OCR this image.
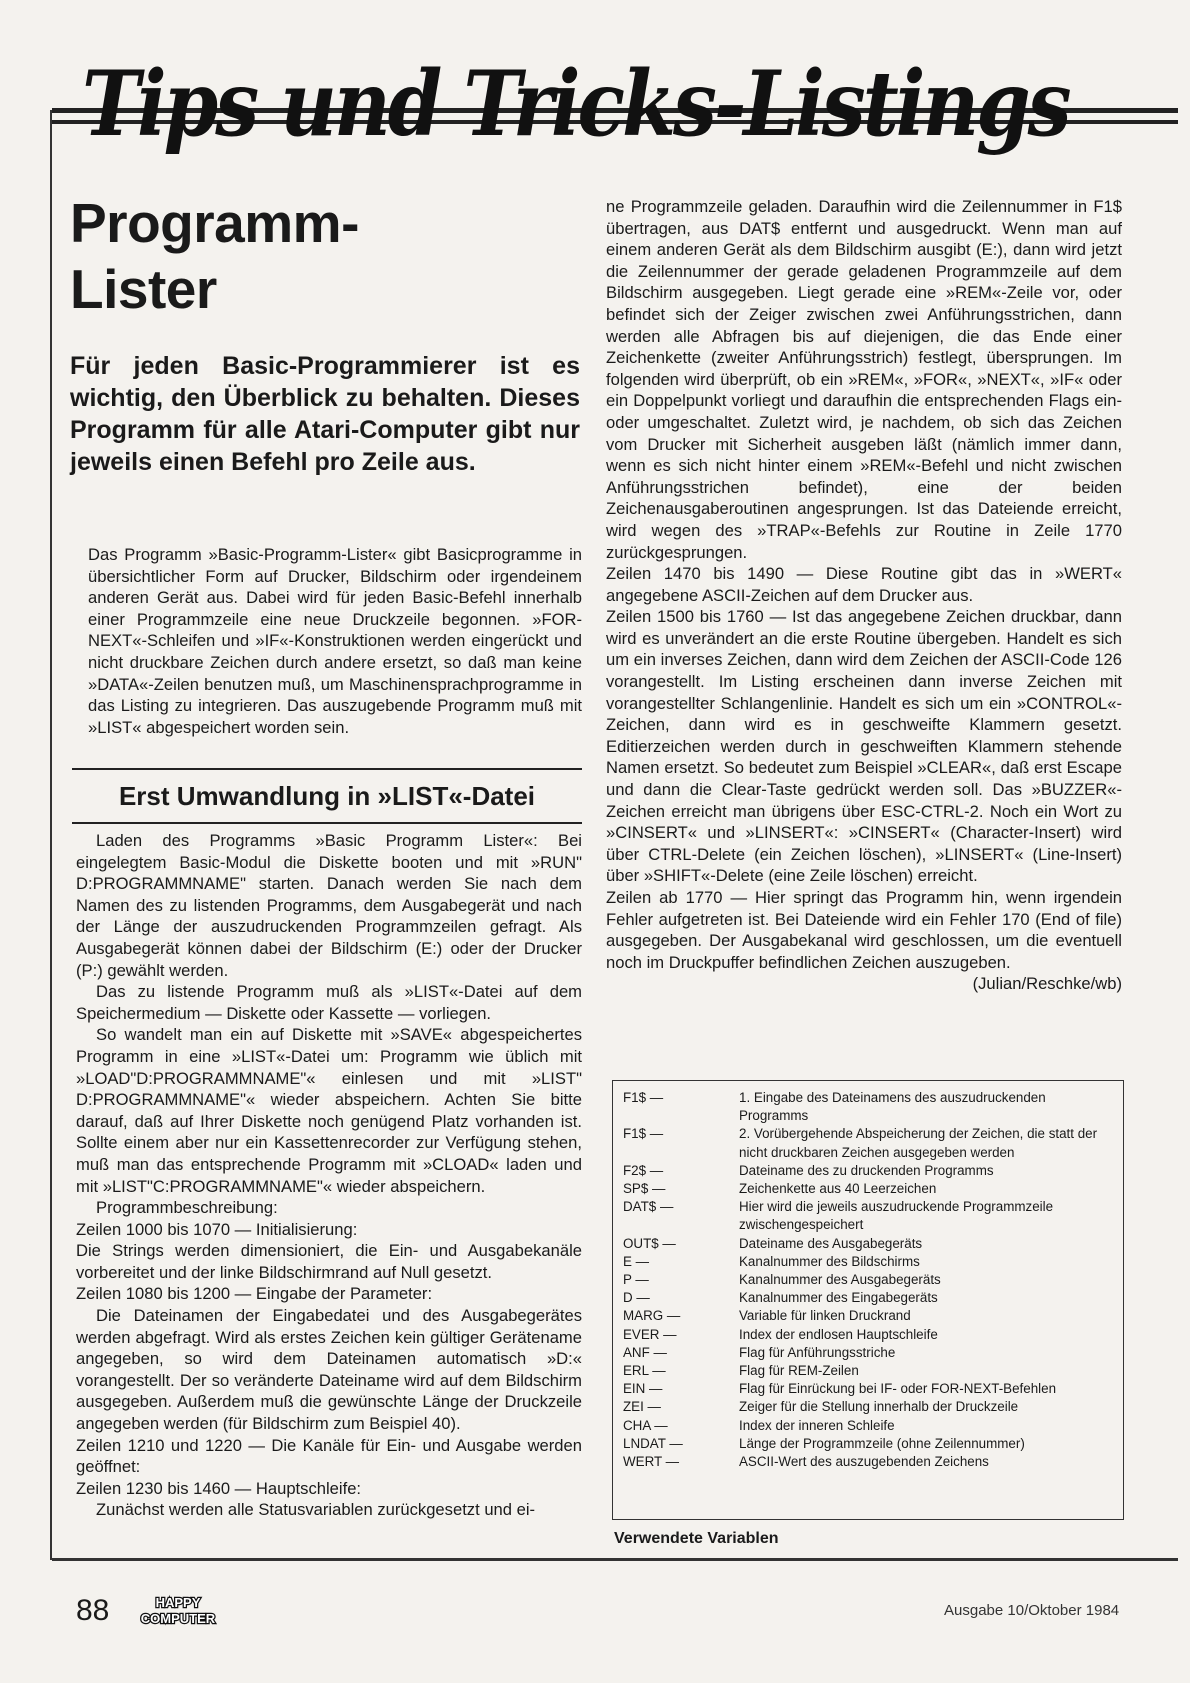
Tips und Tricks-Listings
Programm-
Lister
Für jeden Basic-Programmierer ist es wichtig, den Überblick zu behalten. Dieses Programm für alle Atari-Computer gibt nur jeweils einen Befehl pro Zeile aus.

Das Programm »Basic-Programm-Lister« gibt Basicprogramme in übersichtlicher Form auf Drucker, Bildschirm oder irgendeinem anderen Gerät aus. Dabei wird für jeden Basic-Befehl innerhalb einer Programmzeile eine neue Druckzeile begonnen. »FOR-NEXT«-Schleifen und »IF«-Konstruktionen werden eingerückt und nicht druckbare Zeichen durch andere ersetzt, so daß man keine »DATA«-Zeilen benutzen muß, um Maschinensprachprogramme in das Listing zu integrieren. Das auszugebende Programm muß mit »LIST« abgespeichert worden sein.

Erst Umwandlung in »LIST«-Datei

Laden des Programms »Basic Programm Lister«: Bei eingelegtem Basic-Modul die Diskette booten und mit »RUN" D:PROGRAMMNAME" starten. Danach werden Sie nach dem Namen des zu listenden Programms, dem Ausgabegerät und nach der Länge der auszudruckenden Programmzeilen gefragt. Als Ausgabegerät können dabei der Bildschirm (E:) oder der Drucker (P:) gewählt werden.

Das zu listende Programm muß als »LIST«-Datei auf dem Speichermedium — Diskette oder Kassette — vorliegen.

So wandelt man ein auf Diskette mit »SAVE« abgespeichertes Programm in eine »LIST«-Datei um: Programm wie üblich mit »LOAD"D:PROGRAMMNAME"« einlesen und mit »LIST" D:PROGRAMMNAME"« wieder abspeichern. Achten Sie bitte darauf, daß auf Ihrer Diskette noch genügend Platz vorhanden ist. Sollte einem aber nur ein Kassettenrecorder zur Verfügung stehen, muß man das entsprechende Programm mit »CLOAD« laden und mit »LIST"C:PROGRAMMNAME"« wieder abspeichern.

Programmbeschreibung:

Zeilen 1000 bis 1070 — Initialisierung:

Die Strings werden dimensioniert, die Ein- und Ausgabekanäle vorbereitet und der linke Bildschirmrand auf Null gesetzt.

Zeilen 1080 bis 1200 — Eingabe der Parameter:

Die Dateinamen der Eingabedatei und des Ausgabegerätes werden abgefragt. Wird als erstes Zeichen kein gültiger Gerätename angegeben, so wird dem Dateinamen automatisch »D:« vorangestellt. Der so veränderte Dateiname wird auf dem Bildschirm ausgegeben. Außerdem muß die gewünschte Länge der Druckzeile angegeben werden (für Bildschirm zum Beispiel 40).

Zeilen 1210 und 1220 — Die Kanäle für Ein- und Ausgabe werden geöffnet:

Zeilen 1230 bis 1460 — Hauptschleife:

Zunächst werden alle Statusvariablen zurückgesetzt und ei-

ne Programmzeile geladen. Daraufhin wird die Zeilennummer in F1$ übertragen, aus DAT$ entfernt und ausgedruckt. Wenn man auf einem anderen Gerät als dem Bildschirm ausgibt (E:), dann wird jetzt die Zeilennummer der gerade geladenen Programmzeile auf dem Bildschirm ausgegeben. Liegt gerade eine »REM«-Zeile vor, oder befindet sich der Zeiger zwischen zwei Anführungsstrichen, dann werden alle Abfragen bis auf diejenigen, die das Ende einer Zeichenkette (zweiter Anführungsstrich) festlegt, übersprungen. Im folgenden wird überprüft, ob ein »REM«, »FOR«, »NEXT«, »IF« oder ein Doppelpunkt vorliegt und daraufhin die entsprechenden Flags ein- oder umgeschaltet. Zuletzt wird, je nachdem, ob sich das Zeichen vom Drucker mit Sicherheit ausgeben läßt (nämlich immer dann, wenn es sich nicht hinter einem »REM«-Befehl und nicht zwischen Anführungsstrichen befindet), eine der beiden Zeichenausgaberoutinen angesprungen. Ist das Dateiende erreicht, wird wegen des »TRAP«-Befehls zur Routine in Zeile 1770 zurückgesprungen.

Zeilen 1470 bis 1490 — Diese Routine gibt das in »WERT« angegebene ASCII-Zeichen auf dem Drucker aus.

Zeilen 1500 bis 1760 — Ist das angegebene Zeichen druckbar, dann wird es unverändert an die erste Routine übergeben. Handelt es sich um ein inverses Zeichen, dann wird dem Zeichen der ASCII-Code 126 vorangestellt. Im Listing erscheinen dann inverse Zeichen mit vorangestellter Schlangenlinie. Handelt es sich um ein »CONTROL«-Zeichen, dann wird es in geschweifte Klammern gesetzt. Editierzeichen werden durch in geschweiften Klammern stehende Namen ersetzt. So bedeutet zum Beispiel »CLEAR«, daß erst Escape und dann die Clear-Taste gedrückt werden soll. Das »BUZZER«-Zeichen erreicht man übrigens über ESC-CTRL-2. Noch ein Wort zu »CINSERT« und »LINSERT«: »CINSERT« (Character-Insert) wird über CTRL-Delete (ein Zeichen löschen), »LINSERT« (Line-Insert) über »SHIFT«-Delete (eine Zeile löschen) erreicht.

Zeilen ab 1770 — Hier springt das Programm hin, wenn irgendein Fehler aufgetreten ist. Bei Dateiende wird ein Fehler 170 (End of file) ausgegeben. Der Ausgabekanal wird geschlossen, um die eventuell noch im Druckpuffer befindlichen Zeichen auszugeben.

(Julian/Reschke/wb)
F1$ —	1. Eingabe des Dateinamens des auszudruckenden Programms
F1$ —	2. Vorübergehende Abspeicherung der Zeichen, die statt der nicht druckbaren Zeichen ausgegeben werden
F2$ —	Dateiname des zu druckenden Programms
SP$ —	Zeichenkette aus 40 Leerzeichen
DAT$ —	Hier wird die jeweils auszudruckende Programmzeile zwischengespeichert
OUT$ —	Dateiname des Ausgabegeräts
E —	Kanalnummer des Bildschirms
P —	Kanalnummer des Ausgabegeräts
D —	Kanalnummer des Eingabegeräts
MARG —	Variable für linken Druckrand
EVER —	Index der endlosen Hauptschleife
ANF —	Flag für Anführungsstriche
ERL —	Flag für REM-Zeilen
EIN —	Flag für Einrückung bei IF- oder FOR-NEXT-Befehlen
ZEI —	Zeiger für die Stellung innerhalb der Druckzeile
CHA —	Index der inneren Schleife
LNDAT —	Länge der Programmzeile (ohne Zeilennummer)
WERT —	ASCII-Wert des auszugebenden Zeichens
Verwendete Variablen
88	HAPPY
COMPUTER	Ausgabe 10/Oktober 1984
